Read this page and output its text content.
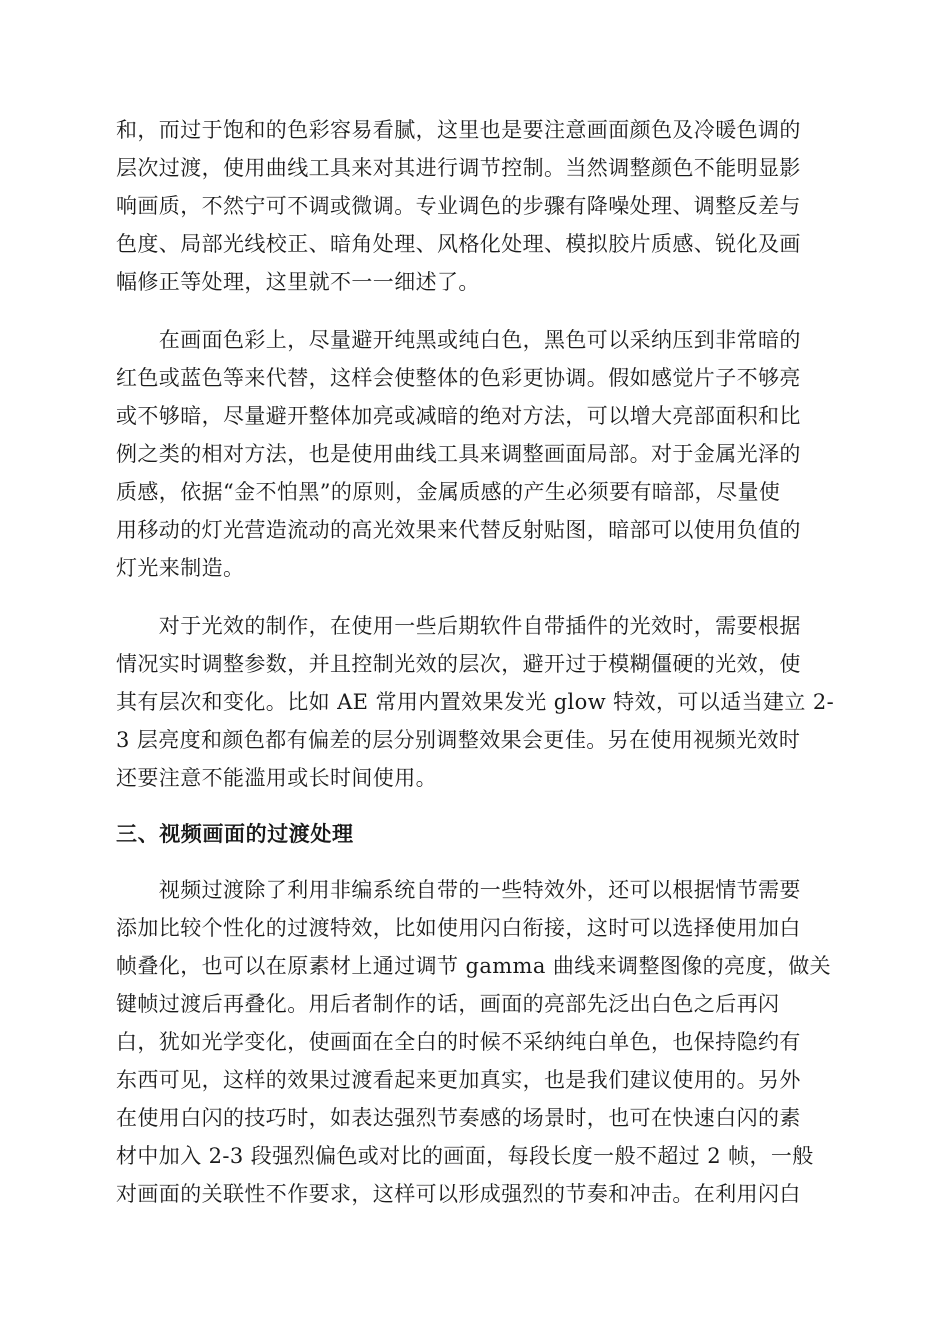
和，而过于饱和的色彩容易看腻，这里也是要注意画面颜色及冷暖色调的
层次过渡，使用曲线工具来对其进行调节控制。当然调整颜色不能明显影
响画质，不然宁可不调或微调。专业调色的步骤有降噪处理、调整反差与
色度、局部光线校正、暗角处理、风格化处理、模拟胶片质感、锐化及画
幅修正等处理，这里就不一一细述了。
　　在画面色彩上，尽量避开纯黑或纯白色，黑色可以采纳压到非常暗的
红色或蓝色等来代替，这样会使整体的色彩更协调。假如感觉片子不够亮
或不够暗，尽量避开整体加亮或减暗的绝对方法，可以增大亮部面积和比
例之类的相对方法，也是使用曲线工具来调整画面局部。对于金属光泽的
质感，依据“金不怕黑”的原则，金属质感的产生必须要有暗部，尽量使
用移动的灯光营造流动的高光效果来代替反射贴图，暗部可以使用负值的
灯光来制造。
　　对于光效的制作，在使用一些后期软件自带插件的光效时，需要根据
情况实时调整参数，并且控制光效的层次，避开过于模糊僵硬的光效，使
其有层次和变化。比如 AE 常用内置效果发光 glow 特效，可以适当建立 2-
3 层亮度和颜色都有偏差的层分别调整效果会更佳。另在使用视频光效时
还要注意不能滥用或长时间使用。
三、视频画面的过渡处理
　　视频过渡除了利用非编系统自带的一些特效外，还可以根据情节需要
添加比较个性化的过渡特效，比如使用闪白衔接，这时可以选择使用加白
帧叠化，也可以在原素材上通过调节 gamma 曲线来调整图像的亮度，做关
键帧过渡后再叠化。用后者制作的话，画面的亮部先泛出白色之后再闪
白，犹如光学变化，使画面在全白的时候不采纳纯白单色，也保持隐约有
东西可见，这样的效果过渡看起来更加真实，也是我们建议使用的。另外
在使用白闪的技巧时，如表达强烈节奏感的场景时，也可在快速白闪的素
材中加入 2-3 段强烈偏色或对比的画面，每段长度一般不超过 2 帧，一般
对画面的关联性不作要求，这样可以形成强烈的节奏和冲击。在利用闪白
